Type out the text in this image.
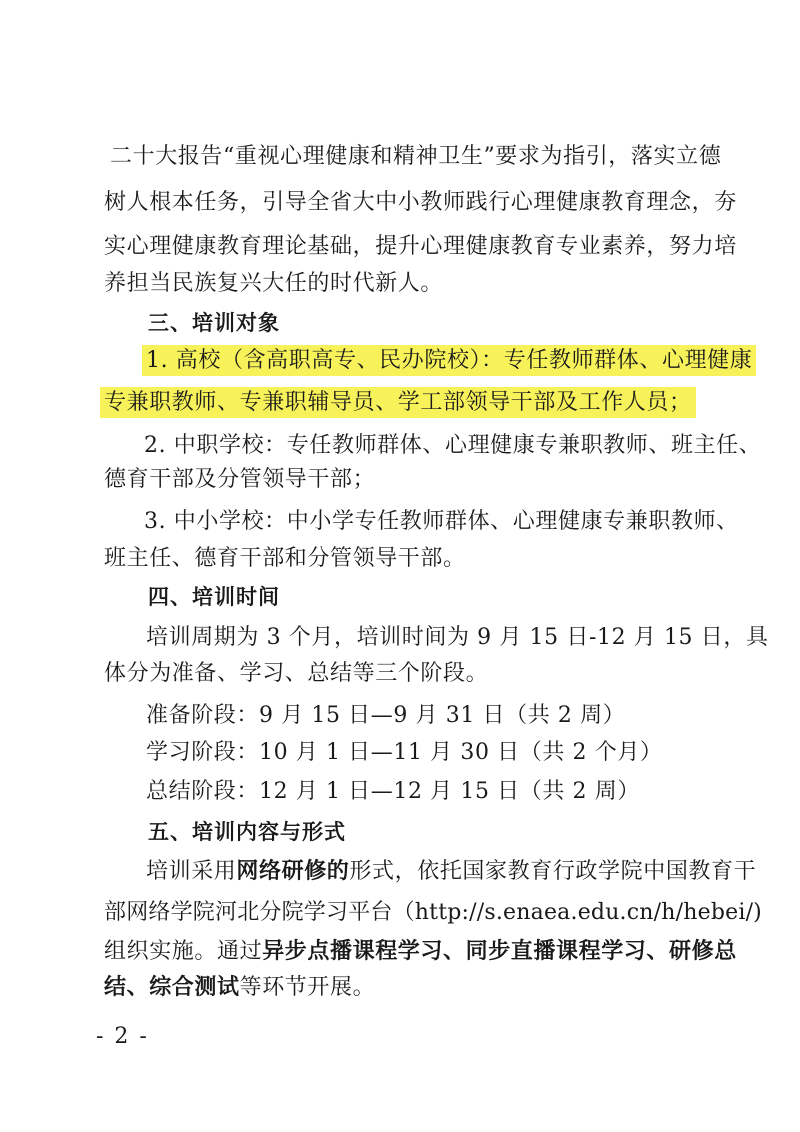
二十大报告“重视心理健康和精神卫生”要求为指引，落实立德
树人根本任务，引导全省大中小教师践行心理健康教育理念，夯
实心理健康教育理论基础，提升心理健康教育专业素养，努力培
养担当民族复兴大任的时代新人。
三、培训对象
1. 高校（含高职高专、民办院校）：专任教师群体、心理健康
专兼职教师、专兼职辅导员、学工部领导干部及工作人员；
2. 中职学校：专任教师群体、心理健康专兼职教师、班主任、
德育干部及分管领导干部；
3. 中小学校：中小学专任教师群体、心理健康专兼职教师、
班主任、德育干部和分管领导干部。
四、培训时间
培训周期为 3 个月，培训时间为 9 月 15 日-12 月 15 日，具
体分为准备、学习、总结等三个阶段。
准备阶段：9 月 15 日—9 月 31 日（共 2 周）
学习阶段：10 月 1 日—11 月 30 日（共 2 个月）
总结阶段：12 月 1 日—12 月 15 日（共 2 周）
五、培训内容与形式
培训采用网络研修的形式，依托国家教育行政学院中国教育干
部网络学院河北分院学习平台（http://s.enaea.edu.cn/h/hebei/)
组织实施。通过异步点播课程学习、同步直播课程学习、研修总
结、综合测试等环节开展。
- 2 -
